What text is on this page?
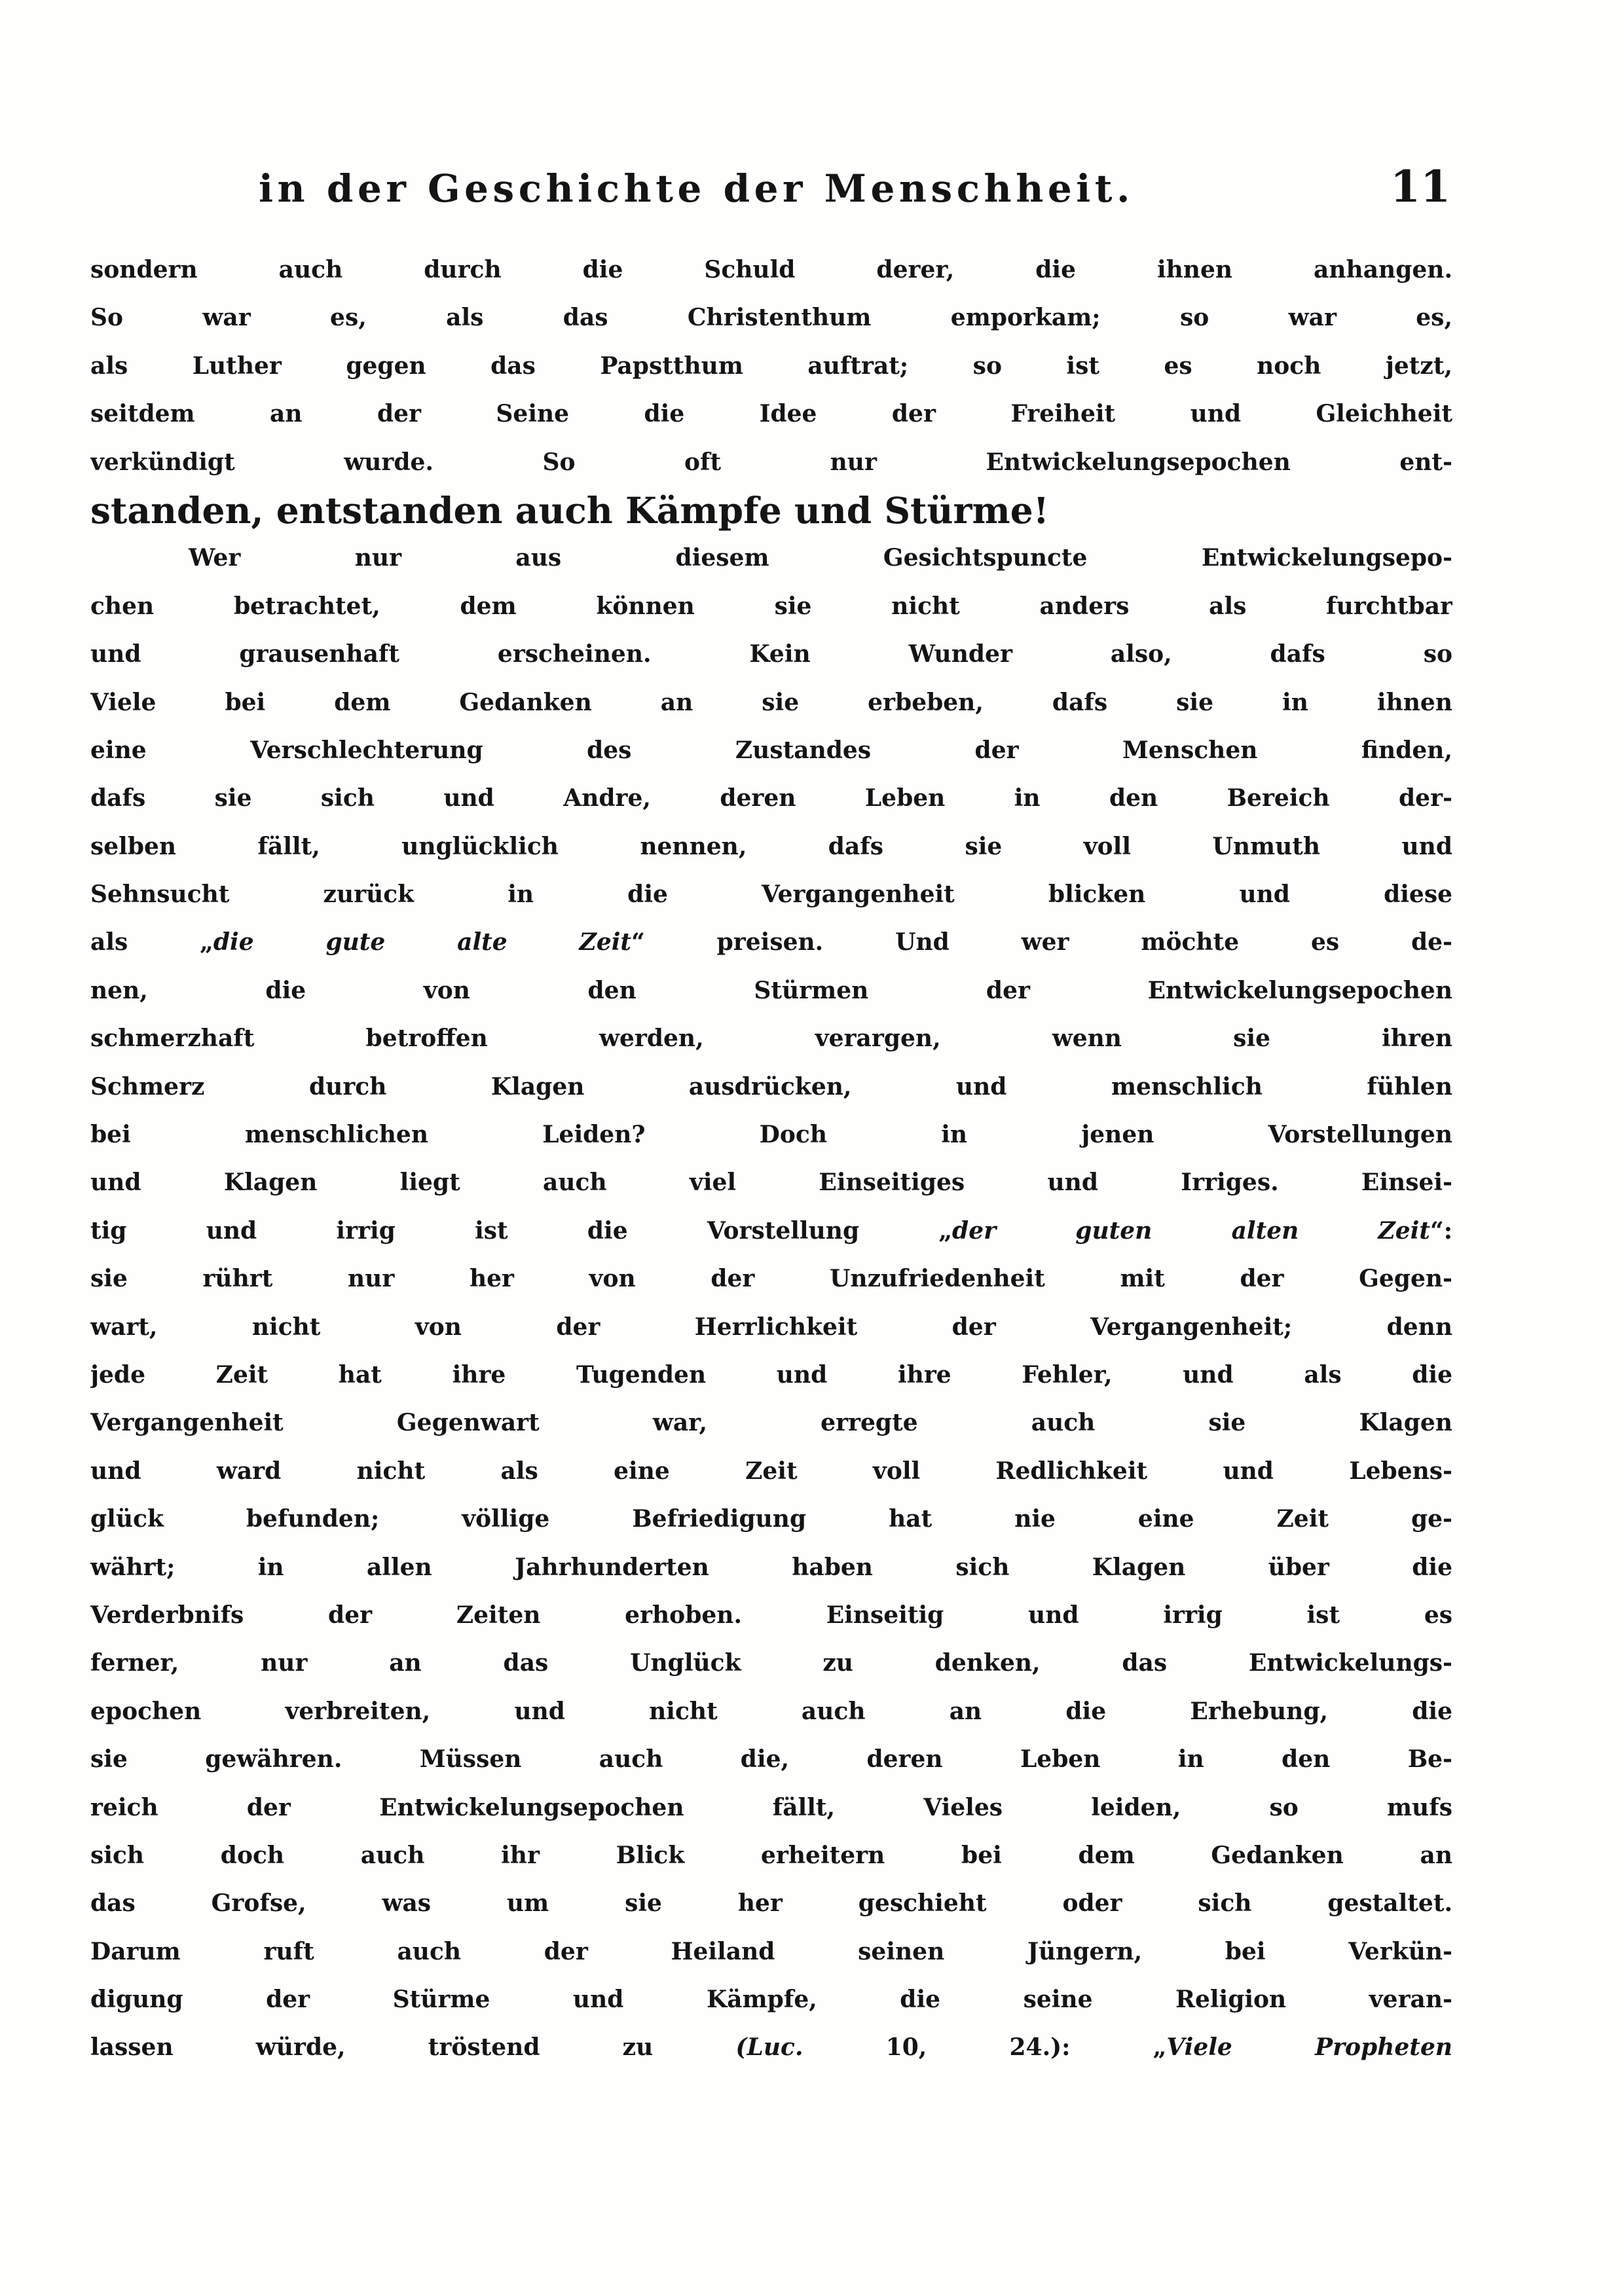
in der Geschichte der Menschheit.	11
sondern auch durch die Schuld derer, die ihnen anhangen.
So war es, als das Christenthum emporkam; so war es,
als Luther gegen das Papstthum auftrat; so ist es noch jetzt,
seitdem an der Seine die Idee der Freiheit und Gleichheit
verkündigt wurde. So oft nur Entwickelungsepochen ent-
standen, entstanden auch Kämpfe und Stürme!
Wer nur aus diesem Gesichtspuncte Entwickelungsepo-
chen betrachtet, dem können sie nicht anders als furchtbar
und grausenhaft erscheinen. Kein Wunder also, dafs so
Viele bei dem Gedanken an sie erbeben, dafs sie in ihnen
eine Verschlechterung des Zustandes der Menschen finden,
dafs sie sich und Andre, deren Leben in den Bereich der-
selben fällt, unglücklich nennen, dafs sie voll Unmuth und
Sehnsucht zurück in die Vergangenheit blicken und diese
als „die gute alte Zeit“ preisen. Und wer möchte es de-
nen, die von den Stürmen der Entwickelungsepochen
schmerzhaft betroffen werden, verargen, wenn sie ihren
Schmerz durch Klagen ausdrücken, und menschlich fühlen
bei menschlichen Leiden? Doch in jenen Vorstellungen
und Klagen liegt auch viel Einseitiges und Irriges. Einsei-
tig und irrig ist die Vorstellung „der guten alten Zeit“:
sie rührt nur her von der Unzufriedenheit mit der Gegen-
wart, nicht von der Herrlichkeit der Vergangenheit; denn
jede Zeit hat ihre Tugenden und ihre Fehler, und als die
Vergangenheit Gegenwart war, erregte auch sie Klagen
und ward nicht als eine Zeit voll Redlichkeit und Lebens-
glück befunden; völlige Befriedigung hat nie eine Zeit ge-
währt; in allen Jahrhunderten haben sich Klagen über die
Verderbnifs der Zeiten erhoben. Einseitig und irrig ist es
ferner, nur an das Unglück zu denken, das Entwickelungs-
epochen verbreiten, und nicht auch an die Erhebung, die
sie gewähren. Müssen auch die, deren Leben in den Be-
reich der Entwickelungsepochen fällt, Vieles leiden, so mufs
sich doch auch ihr Blick erheitern bei dem Gedanken an
das Grofse, was um sie her geschieht oder sich gestaltet.
Darum ruft auch der Heiland seinen Jüngern, bei Verkün-
digung der Stürme und Kämpfe, die seine Religion veran-
lassen würde, tröstend zu (Luc. 10, 24.): „Viele Propheten
